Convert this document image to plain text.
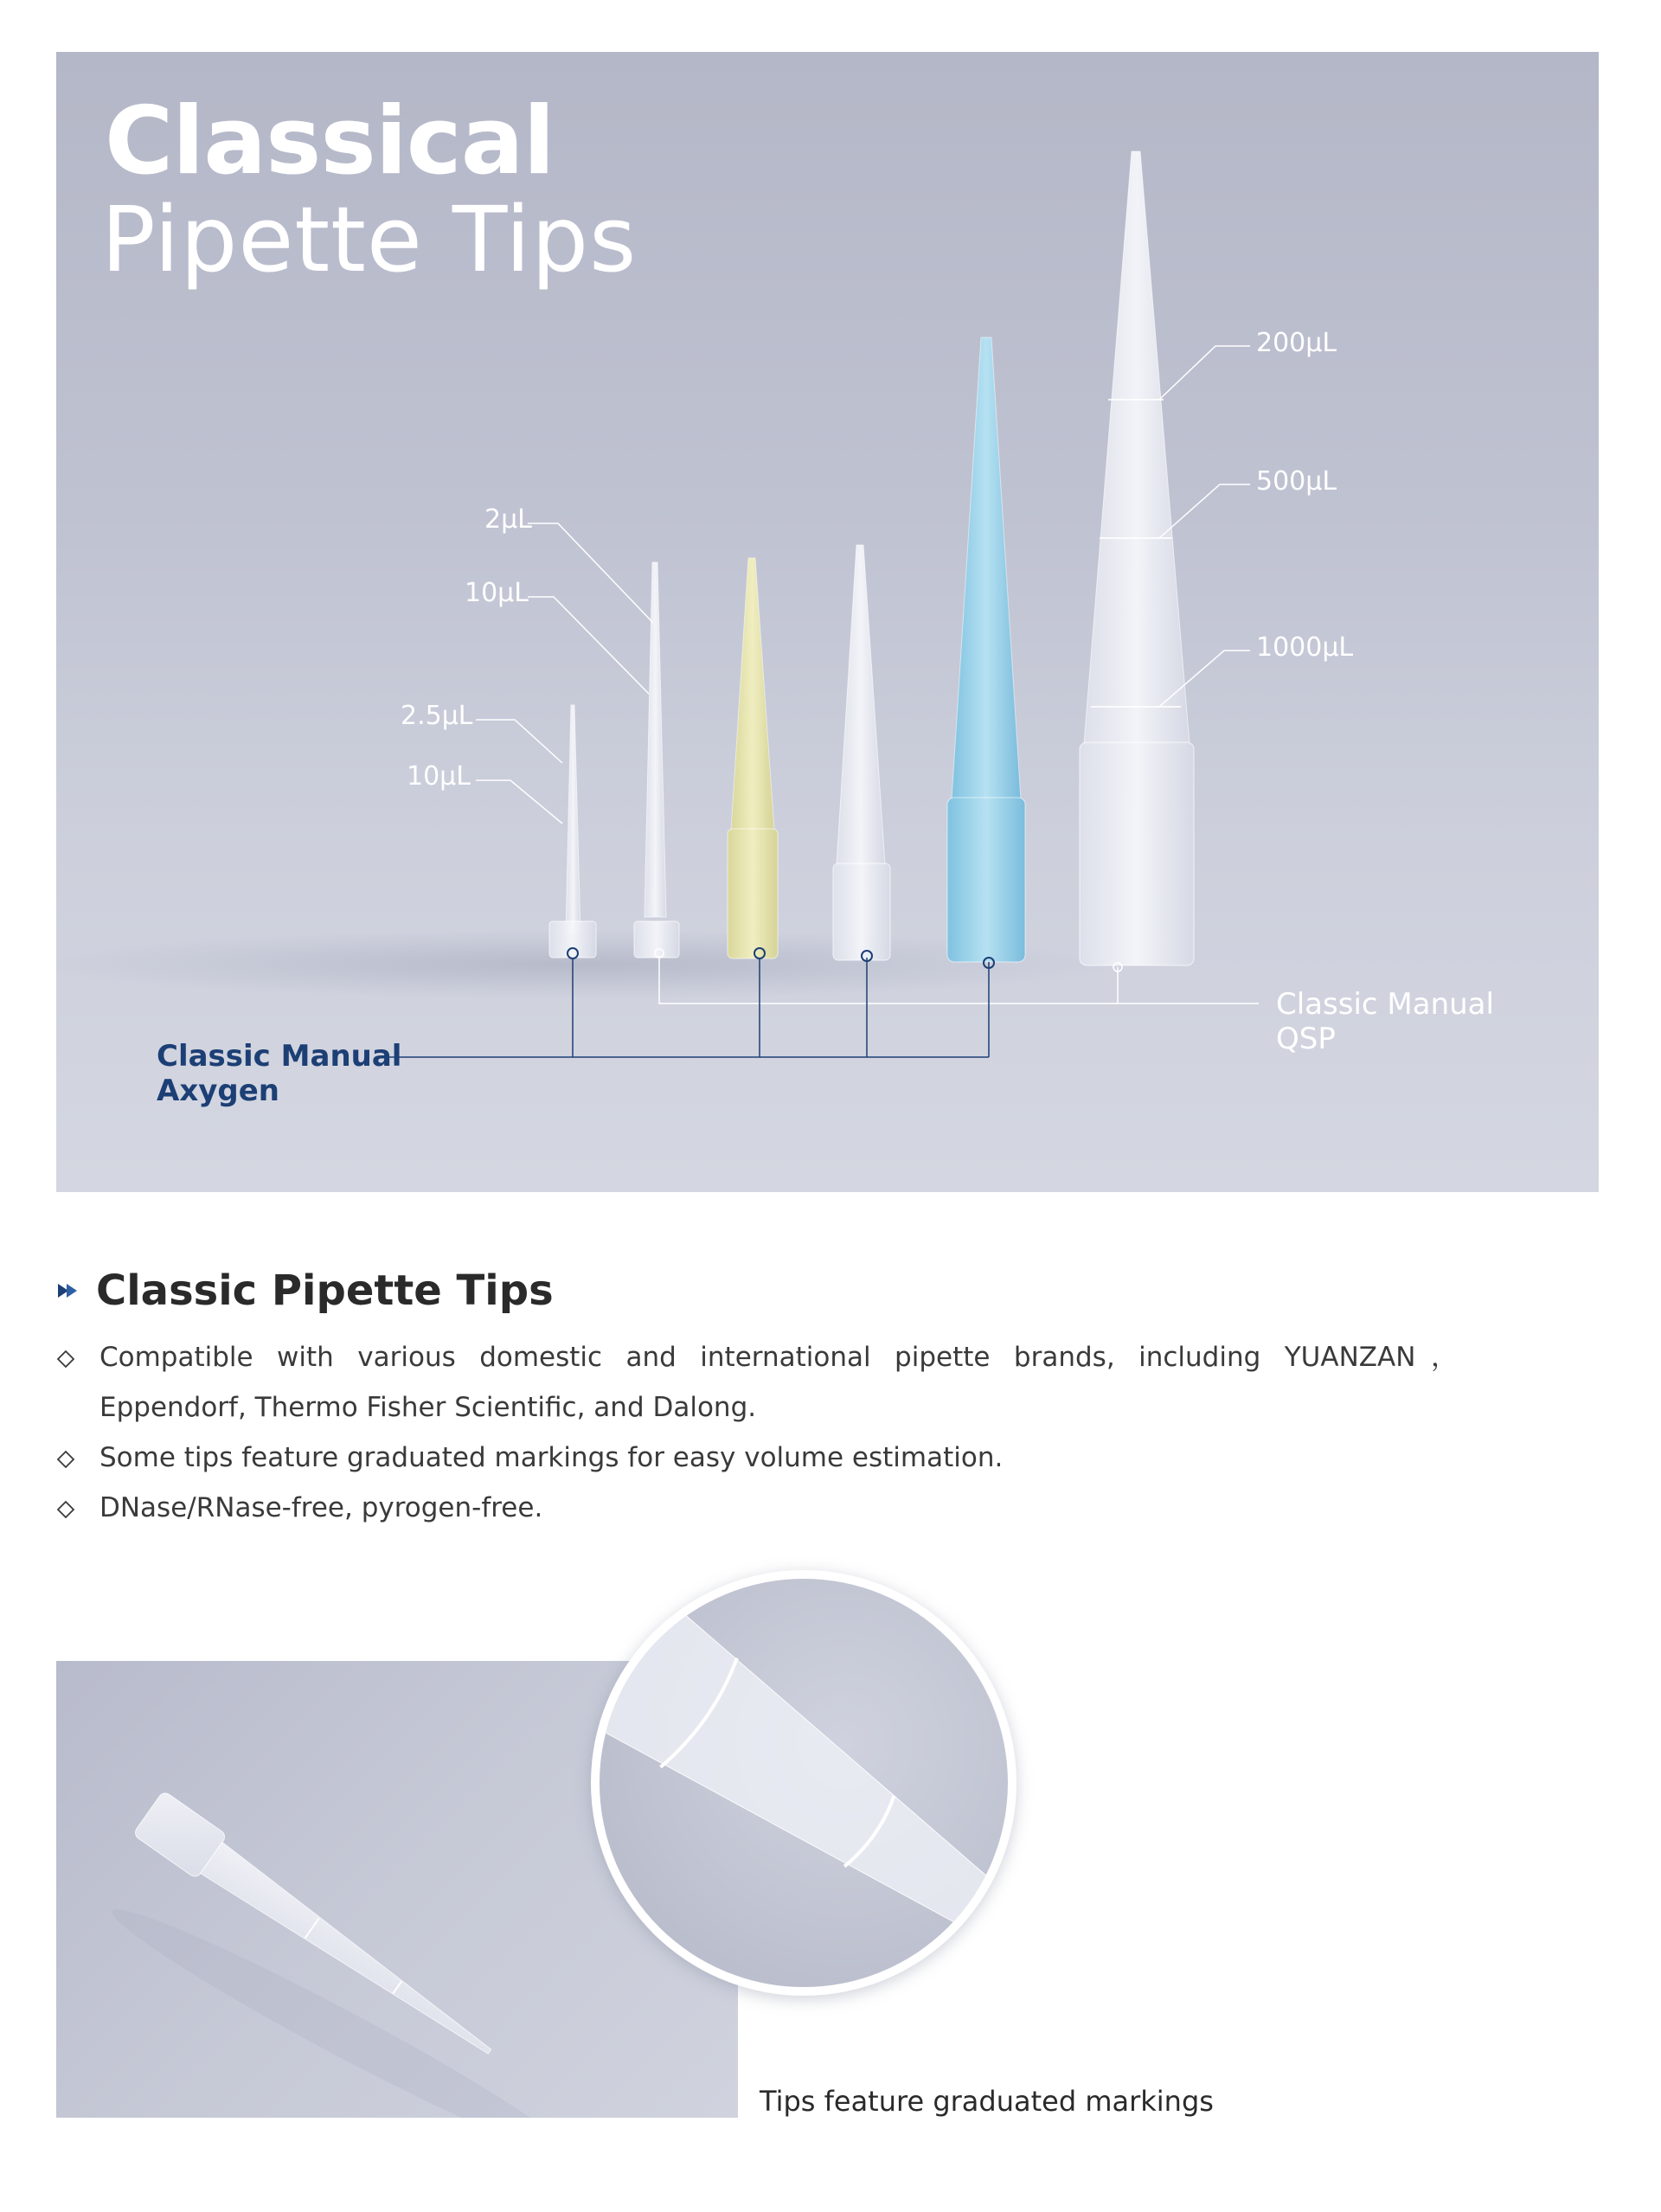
Classical
Pipette Tips
2.5µL
10µL
2µL
10µL
200µL
500µL
1000µL
Classic Manual
QSP
Classic Manual
Axygen
Classic Pipette Tips
Compatible with various domestic and international pipette brands, including YUANZAN， Eppendorf, Thermo Fisher Scientific, and Dalong.
Some tips feature graduated markings for easy volume estimation.
DNase/RNase-free, pyrogen-free.

Tips feature graduated markings
